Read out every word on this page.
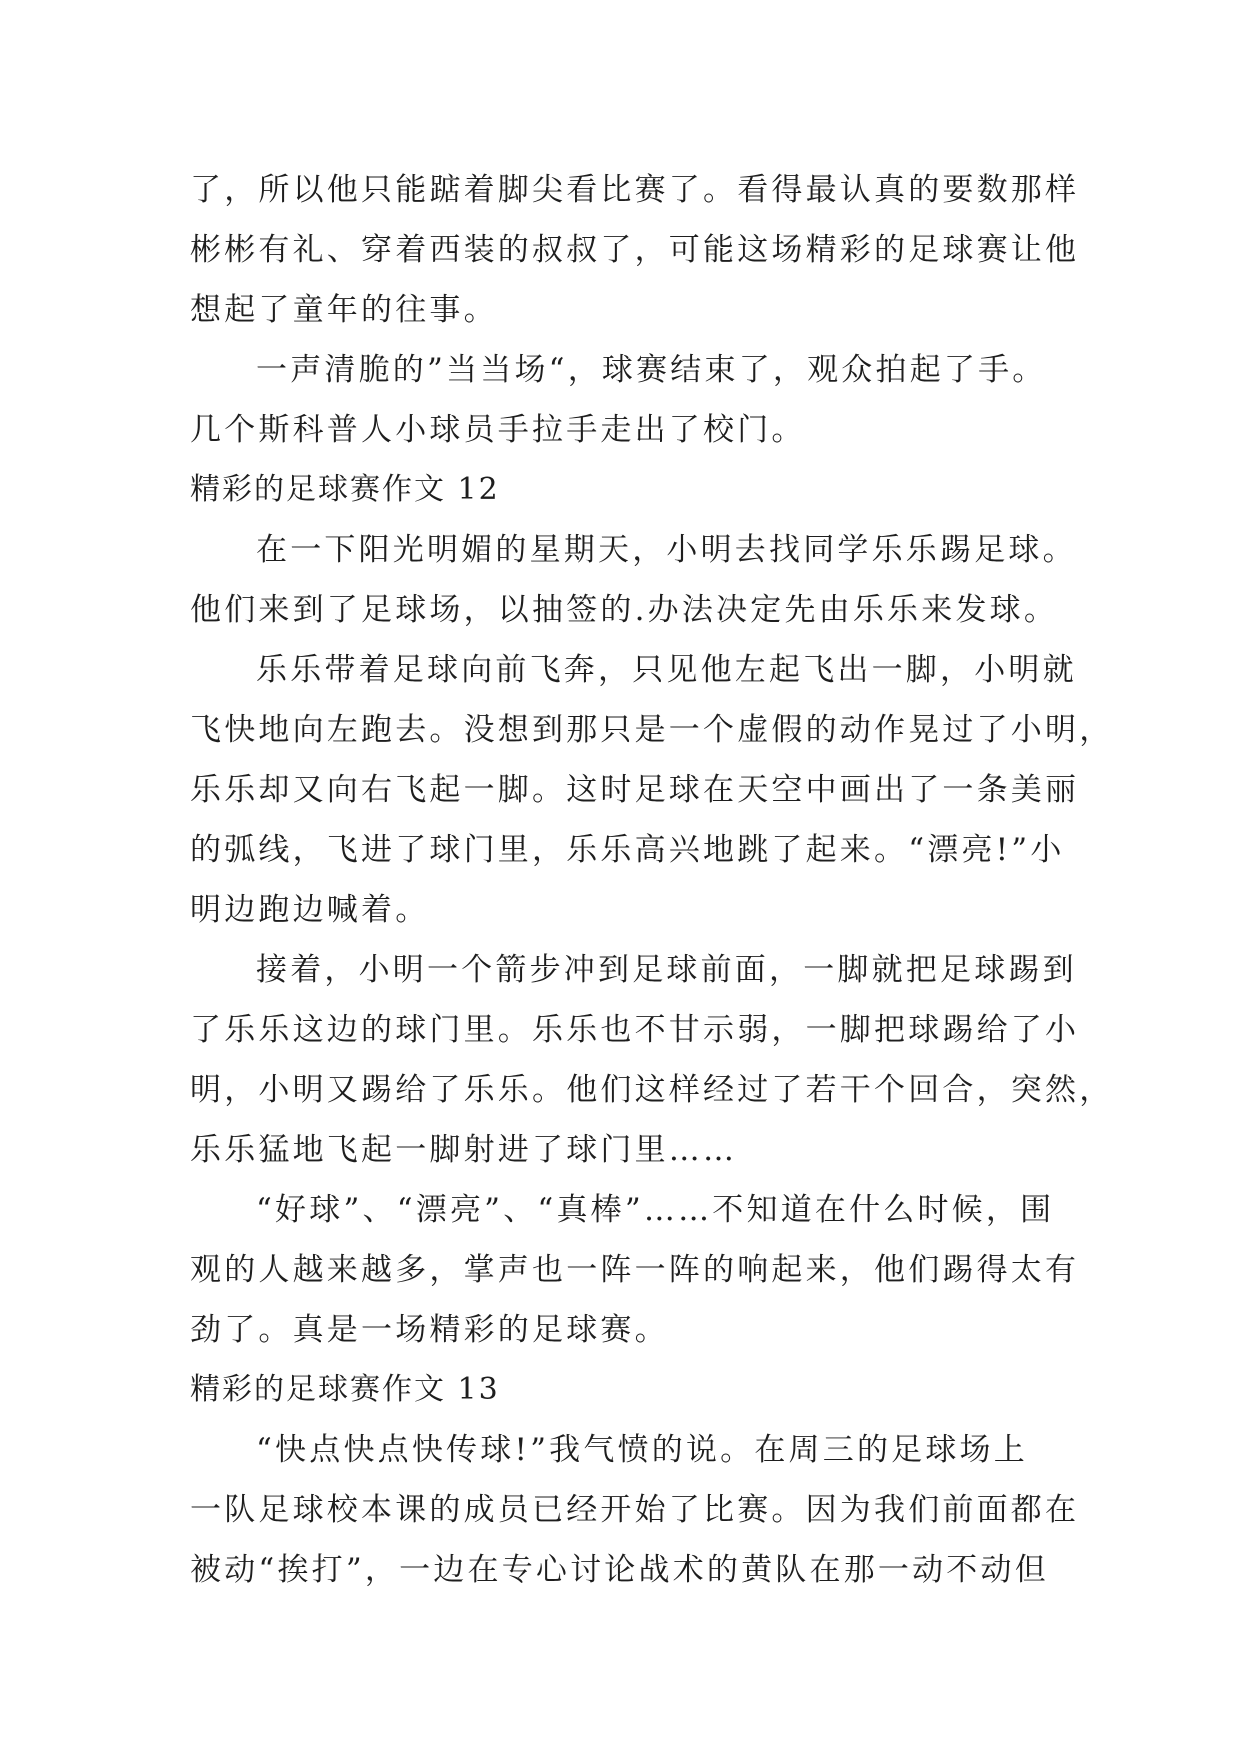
了，所以他只能踮着脚尖看比赛了。看得最认真的要数那样
彬彬有礼、穿着西装的叔叔了，可能这场精彩的足球赛让他
想起了童年的往事。
一声清脆的”当当场“，球赛结束了，观众拍起了手。
几个斯科普人小球员手拉手走出了校门。
精彩的足球赛作文 12
在一下阳光明媚的星期天，小明去找同学乐乐踢足球。
他们来到了足球场，以抽签的.办法决定先由乐乐来发球。
乐乐带着足球向前飞奔，只见他左起飞出一脚，小明就
飞快地向左跑去。没想到那只是一个虚假的动作晃过了小明，
乐乐却又向右飞起一脚。这时足球在天空中画出了一条美丽
的弧线，飞进了球门里，乐乐高兴地跳了起来。“漂亮!”小
明边跑边喊着。
接着，小明一个箭步冲到足球前面，一脚就把足球踢到
了乐乐这边的球门里。乐乐也不甘示弱，一脚把球踢给了小
明，小明又踢给了乐乐。他们这样经过了若干个回合，突然，
乐乐猛地飞起一脚射进了球门里……
“好球”、“漂亮”、“真棒”……不知道在什么时候，围
观的人越来越多，掌声也一阵一阵的响起来，他们踢得太有
劲了。真是一场精彩的足球赛。
精彩的足球赛作文 13
“快点快点快传球!”我气愤的说。在周三的足球场上
一队足球校本课的成员已经开始了比赛。因为我们前面都在
被动“挨打”，一边在专心讨论战术的黄队在那一动不动但
